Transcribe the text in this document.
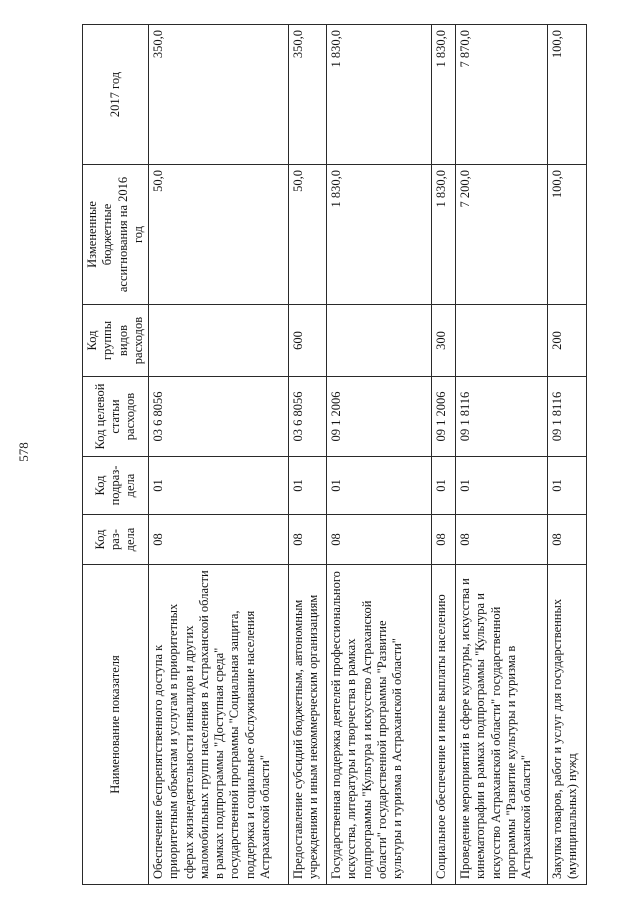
578
Наименование показателя	Код раз-дела	Код подраз-дела	Код целевой статьи расходов	Код группы видов расходов	Измененные бюджетные ассигнования на 2016 год	2017 год
Обеспечение беспрепятственного доступа к приоритетным объектам и услугам в приоритетных сферах жизнедеятельности инвалидов и других маломобильных групп населения в Астраханской области в рамках подпрограммы "Доступная среда" государственной программы "Социальная защита, поддержка и социальное обслуживание населения Астраханской области"	08	01	03 6 8056		50,0	350,0
Предоставление субсидий бюджетным, автономным учреждениям и иным некоммерческим организациям	08	01	03 6 8056	600	50,0	350,0
Государственная поддержка деятелей профессионального искусства, литературы и творчества в рамках подпрограммы "Культура и искусство Астраханской области" государственной программы "Развитие культуры и туризма в Астраханской области"	08	01	09 1 2006		1 830,0	1 830,0
Социальное обеспечение и иные выплаты населению	08	01	09 1 2006	300	1 830,0	1 830,0
Проведение мероприятий в сфере культуры, искусства и кинематографии в рамках подпрограммы "Культура и искусство Астраханской области" государственной программы "Развитие культуры и туризма в Астраханской области"	08	01	09 1 8116		7 200,0	7 870,0
Закупка товаров, работ и услуг для государственных (муниципальных) нужд	08	01	09 1 8116	200	100,0	100,0
